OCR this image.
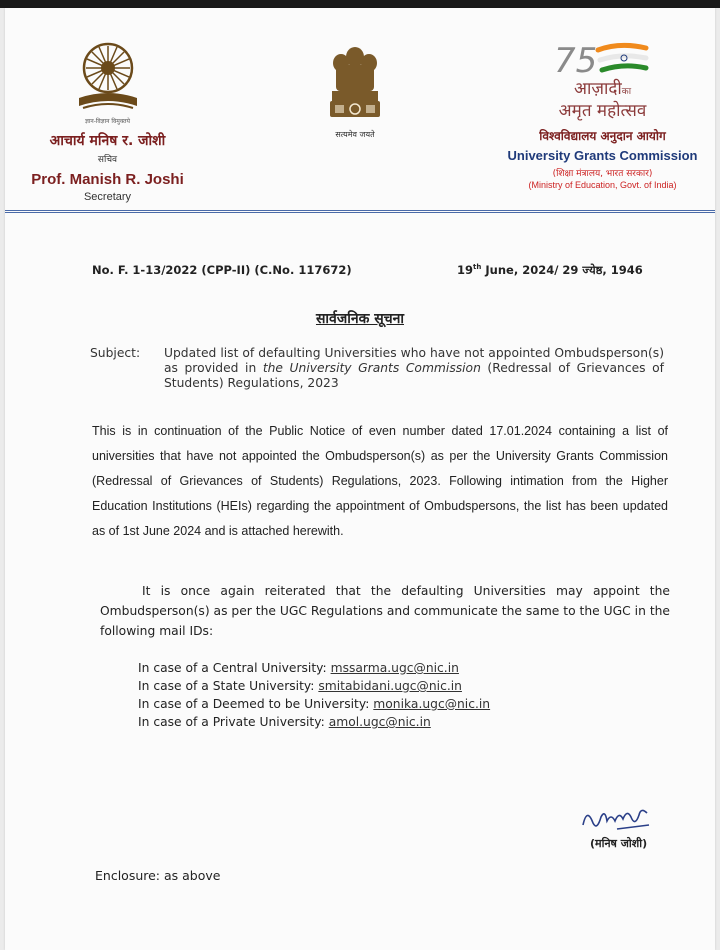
ज्ञान-विज्ञान विमुक्तये
आचार्य मनिष र. जोशी
सचिव
Prof. Manish R. Joshi
Secretary
सत्यमेव जयते
75
आज़ादीका
अमृत महोत्सव
विश्वविद्यालय अनुदान आयोग
University Grants Commission
(शिक्षा मंत्रालय, भारत सरकार)
(Ministry of Education, Govt. of India)
No. F. 1-13/2022 (CPP-II) (C.No. 117672)	19th June, 2024/ 29 ज्येष्ठ, 1946
सार्वजनिक सूचना
Subject: Updated list of defaulting Universities who have not appointed Ombudsperson(s) as provided in the University Grants Commission (Redressal of Grievances of Students) Regulations, 2023
This is in continuation of the Public Notice of even number dated 17.01.2024 containing a list of universities that have not appointed the Ombudsperson(s) as per the University Grants Commission (Redressal of Grievances of Students) Regulations, 2023. Following intimation from the Higher Education Institutions (HEIs) regarding the appointment of Ombudspersons, the list has been updated as of 1st June 2024 and is attached herewith.
It is once again reiterated that the defaulting Universities may appoint the Ombudsperson(s) as per the UGC Regulations and communicate the same to the UGC in the following mail IDs:
In case of a Central University: mssarma.ugc@nic.in
In case of a State University: smitabidani.ugc@nic.in
In case of a Deemed to be University: monika.ugc@nic.in
In case of a Private University: amol.ugc@nic.in
(मनिष जोशी)
Enclosure: as above
